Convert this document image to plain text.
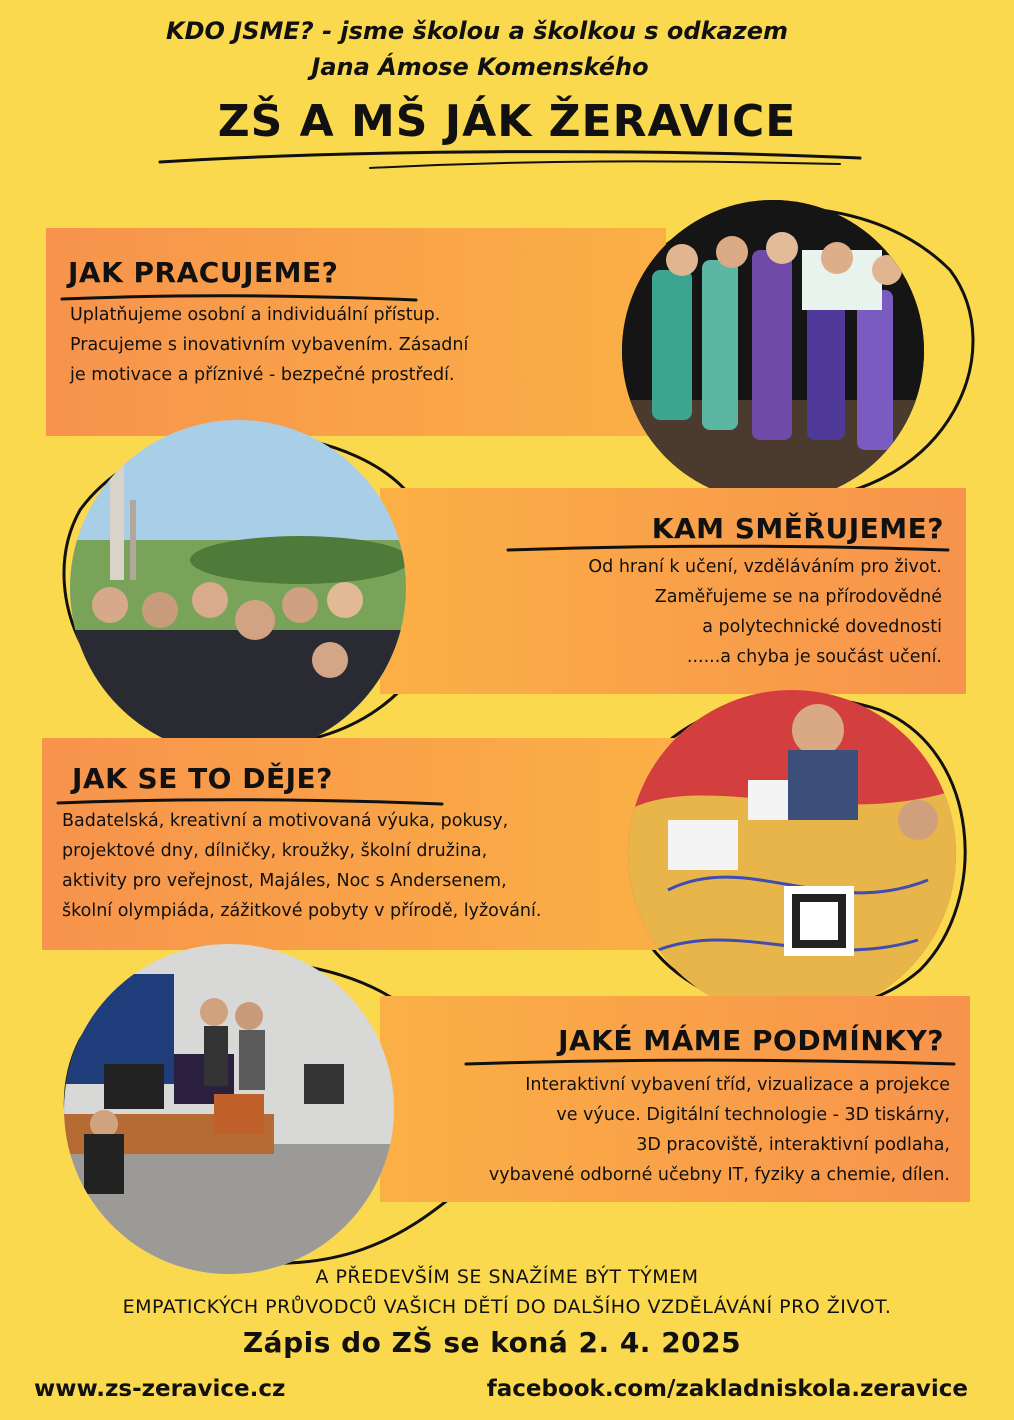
KDO JSME? - jsme školou a školkou s odkazem
Jana Ámose Komenského
ZŠ A MŠ JÁK ŽERAVICE
JAK PRACUJEME?

Uplatňujeme osobní a individuální přístup.
Pracujeme s inovativním vybavením. Zásadní
je motivace a příznivé - bezpečné prostředí.

KAM SMĚŘUJEME?

Od hraní k učení, vzděláváním pro život.
Zaměřujeme se na přírodovědné
a polytechnické dovednosti
......a chyba je součást učení.

JAK SE TO DĚJE?

Badatelská, kreativní a motivovaná výuka, pokusy,
projektové dny, dílničky, kroužky, školní družina,
aktivity pro veřejnost, Majáles, Noc s Andersenem,
školní olympiáda, zážitkové pobyty v přírodě, lyžování.

JAKÉ MÁME PODMÍNKY?

Interaktivní vybavení tříd, vizualizace a projekce
ve výuce. Digitální technologie - 3D tiskárny,
3D pracoviště, interaktivní podlaha,
vybavené odborné učebny IT, fyziky a chemie, dílen.

A PŘEDEVŠÍM SE SNAŽÍME BÝT TÝMEM
EMPATICKÝCH PRŮVODCŮ VAŠICH DĚTÍ DO DALŠÍHO VZDĚLÁVÁNÍ PRO ŽIVOT.
Zápis do ZŠ se koná 2. 4. 2025
www.zs-zeravice.cz	facebook.com/zakladniskola.zeravice
